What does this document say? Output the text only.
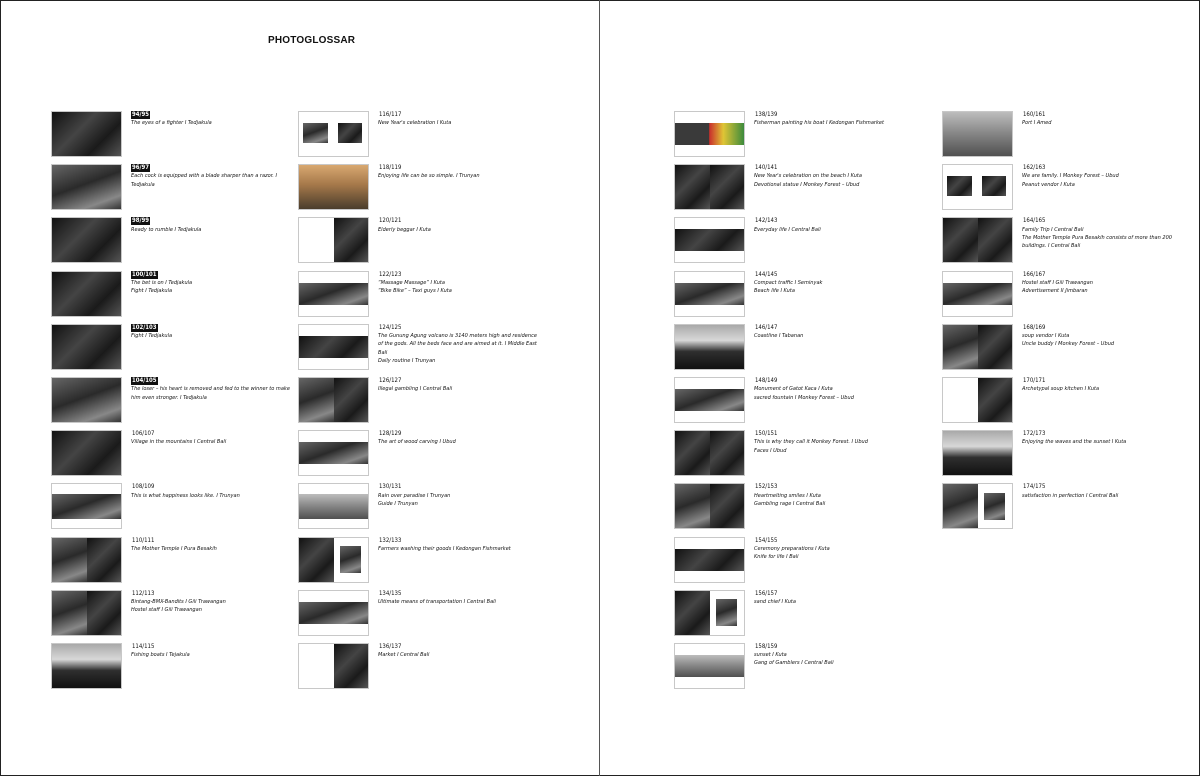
PHOTOGLOSSAR
94/95
The eyes of a fighter I Tedjakula
96/97
Each cock is equipped with a blade sharper than a razor. I Tedjakula
98/99
Ready to rumble I Tedjakula
100/101
The bet is on I Tedjakula
Fight I Tedjakula
102/103
Fight I Tedjakula
104/105
The loser – his heart is removed and fed to the winner to make him even stronger. I Tedjakula
106/107
Village in the mountains I Central Bali
108/109
This is what happiness looks like. I Trunyan
110/111
The Mother Temple I Pura Besakih
112/113
Bintang-BMX-Bandits I Gili Trawangan
Hostel staff I Gili Trawangan
114/115
Fishing boats I Tejakula
116/117
New Year's celebration I Kuta
118/119
Enjoying life can be so simple. I Trunyan
120/121
Elderly beggar I Kuta
122/123
“Massage Massage” I Kuta
“Bike Bike” – Taxi guys I Kuta
124/125
The Gunung Agung volcano is 3140 meters high and residence of the gods. All the beds face and are aimed at it. I Middle East Bali
Daily routine I Trunyan
126/127
Illegal gambling I Central Bali
128/129
The art of wood carving I Ubud
130/131
Rain over paradise I Trunyan
Guide I Trunyan
132/133
Farmers washing their goods I Kedongan Fishmarket
134/135
Ultimate means of transportation I Central Bali
136/137
Market I Central Bali
138/139
Fisherman painting his boat I Kedongan Fishmarket
140/141
New Year's celebration on the beach I Kuta
Devotional statue I Monkey Forest – Ubud
142/143
Everyday life I Central Bali
144/145
Compact traffic I Seminyak
Beach life I Kuta
146/147
Coastline I Tabanan
148/149
Monument of Gatot Kaca I Kuta
sacred fountain I Monkey Forest – Ubud
150/151
This is why they call it Monkey Forest. I Ubud
Faces I Ubud
152/153
Heartmelting smiles I Kuta
Gambling rage I Central Bali
154/155
Ceremony preparations I Kuta
Knife for life I Bali
156/157
sand chief I Kuta
158/159
sunset I Kuta
Gang of Gamblers I Central Bali
160/161
Port I Amed
162/163
We are family. I Monkey Forest – Ubud
Peanut vendor I Kuta
164/165
Family Trip I Central Bali
The Mother Temple Pura Besakih consists of more than 200 buildings. I Central Bali
166/167
Hostel staff I Gili Trawangan
Advertisement II Jimbaran
168/169
soup vendor I Kuta
Uncle buddy I Monkey Forest – Ubud
170/171
Archetypal soup kitchen I Kuta
172/173
Enjoying the waves and the sunset I Kuta
174/175
satisfaction in perfection I Central Bali
